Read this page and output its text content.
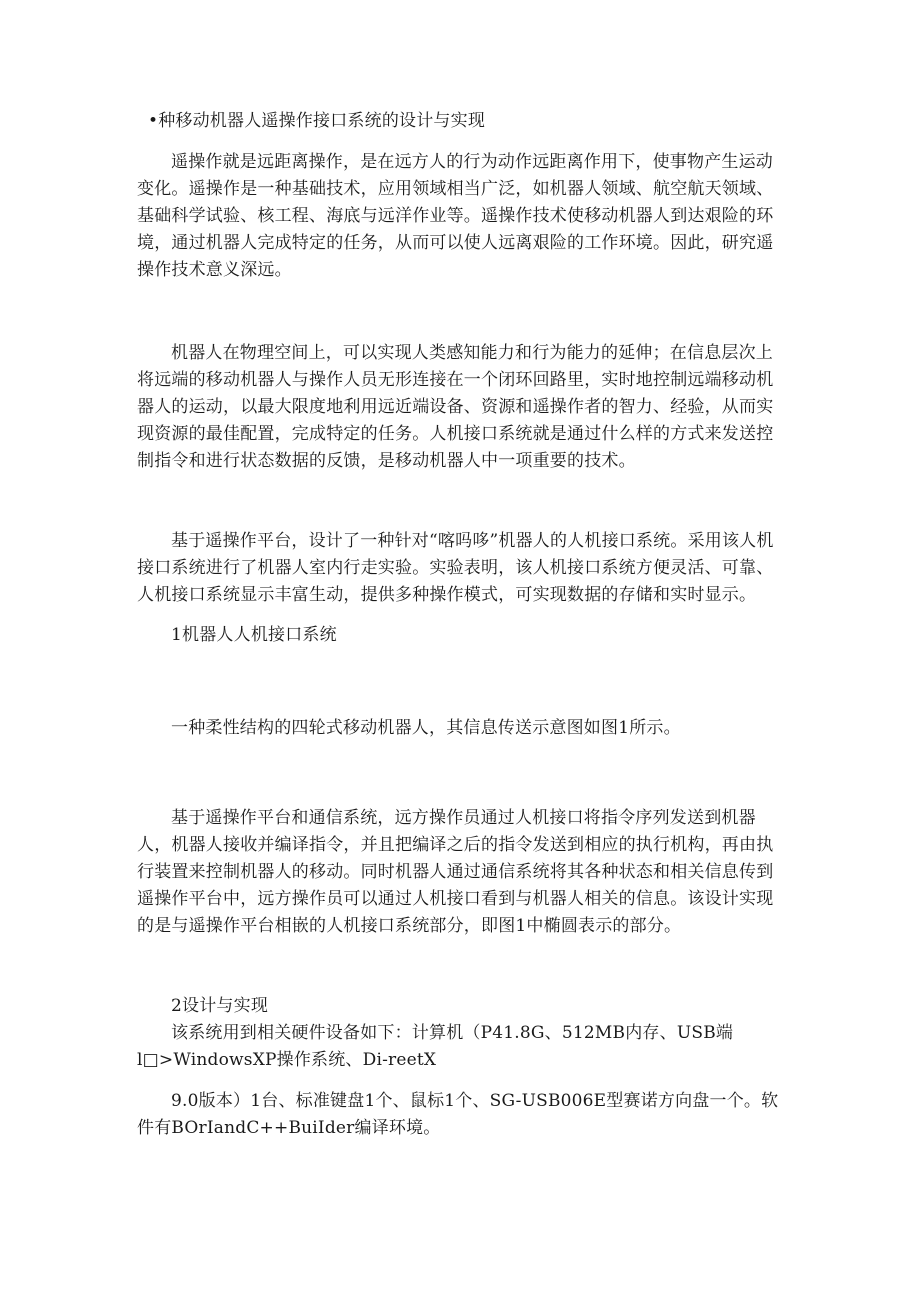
•种移动机器人遥操作接口系统的设计与实现

遥操作就是远距离操作，是在远方人的行为动作远距离作用下，使事物产生运动变化。遥操作是一种基础技术，应用领域相当广泛，如机器人领域、航空航天领域、基础科学试验、核工程、海底与远洋作业等。遥操作技术使移动机器人到达艰险的环境，通过机器人完成特定的任务，从而可以使人远离艰险的工作环境。因此，研究遥操作技术意义深远。

机器人在物理空间上，可以实现人类感知能力和行为能力的延伸；在信息层次上将远端的移动机器人与操作人员无形连接在一个闭环回路里，实时地控制远端移动机器人的运动，以最大限度地利用远近端设备、资源和遥操作者的智力、经验，从而实现资源的最佳配置，完成特定的任务。人机接口系统就是通过什么样的方式来发送控制指令和进行状态数据的反馈，是移动机器人中一项重要的技术。

基于遥操作平台，设计了一种针对“喀吗哆”机器人的人机接口系统。采用该人机接口系统进行了机器人室内行走实验。实验表明，该人机接口系统方便灵活、可靠、人机接口系统显示丰富生动，提供多种操作模式，可实现数据的存储和实时显示。

1机器人人机接口系统

一种柔性结构的四轮式移动机器人，其信息传送示意图如图1所示。

基于遥操作平台和通信系统，远方操作员通过人机接口将指令序列发送到机器人，机器人接收并编译指令，并且把编译之后的指令发送到相应的执行机构，再由执行装置来控制机器人的移动。同时机器人通过通信系统将其各种状态和相关信息传到遥操作平台中，远方操作员可以通过人机接口看到与机器人相关的信息。该设计实现的是与遥操作平台相嵌的人机接口系统部分，即图1中椭圆表示的部分。

2设计与实现

该系统用到相关硬件设备如下：计算机（P41.8G、512MB内存、USB端

l□>WindowsXP操作系统、Di-reetX

9.0版本）1台、标准键盘1个、鼠标1个、SG-USB006E型赛诺方向盘一个。软件有BOrIandC++BuiIder编译环境。
